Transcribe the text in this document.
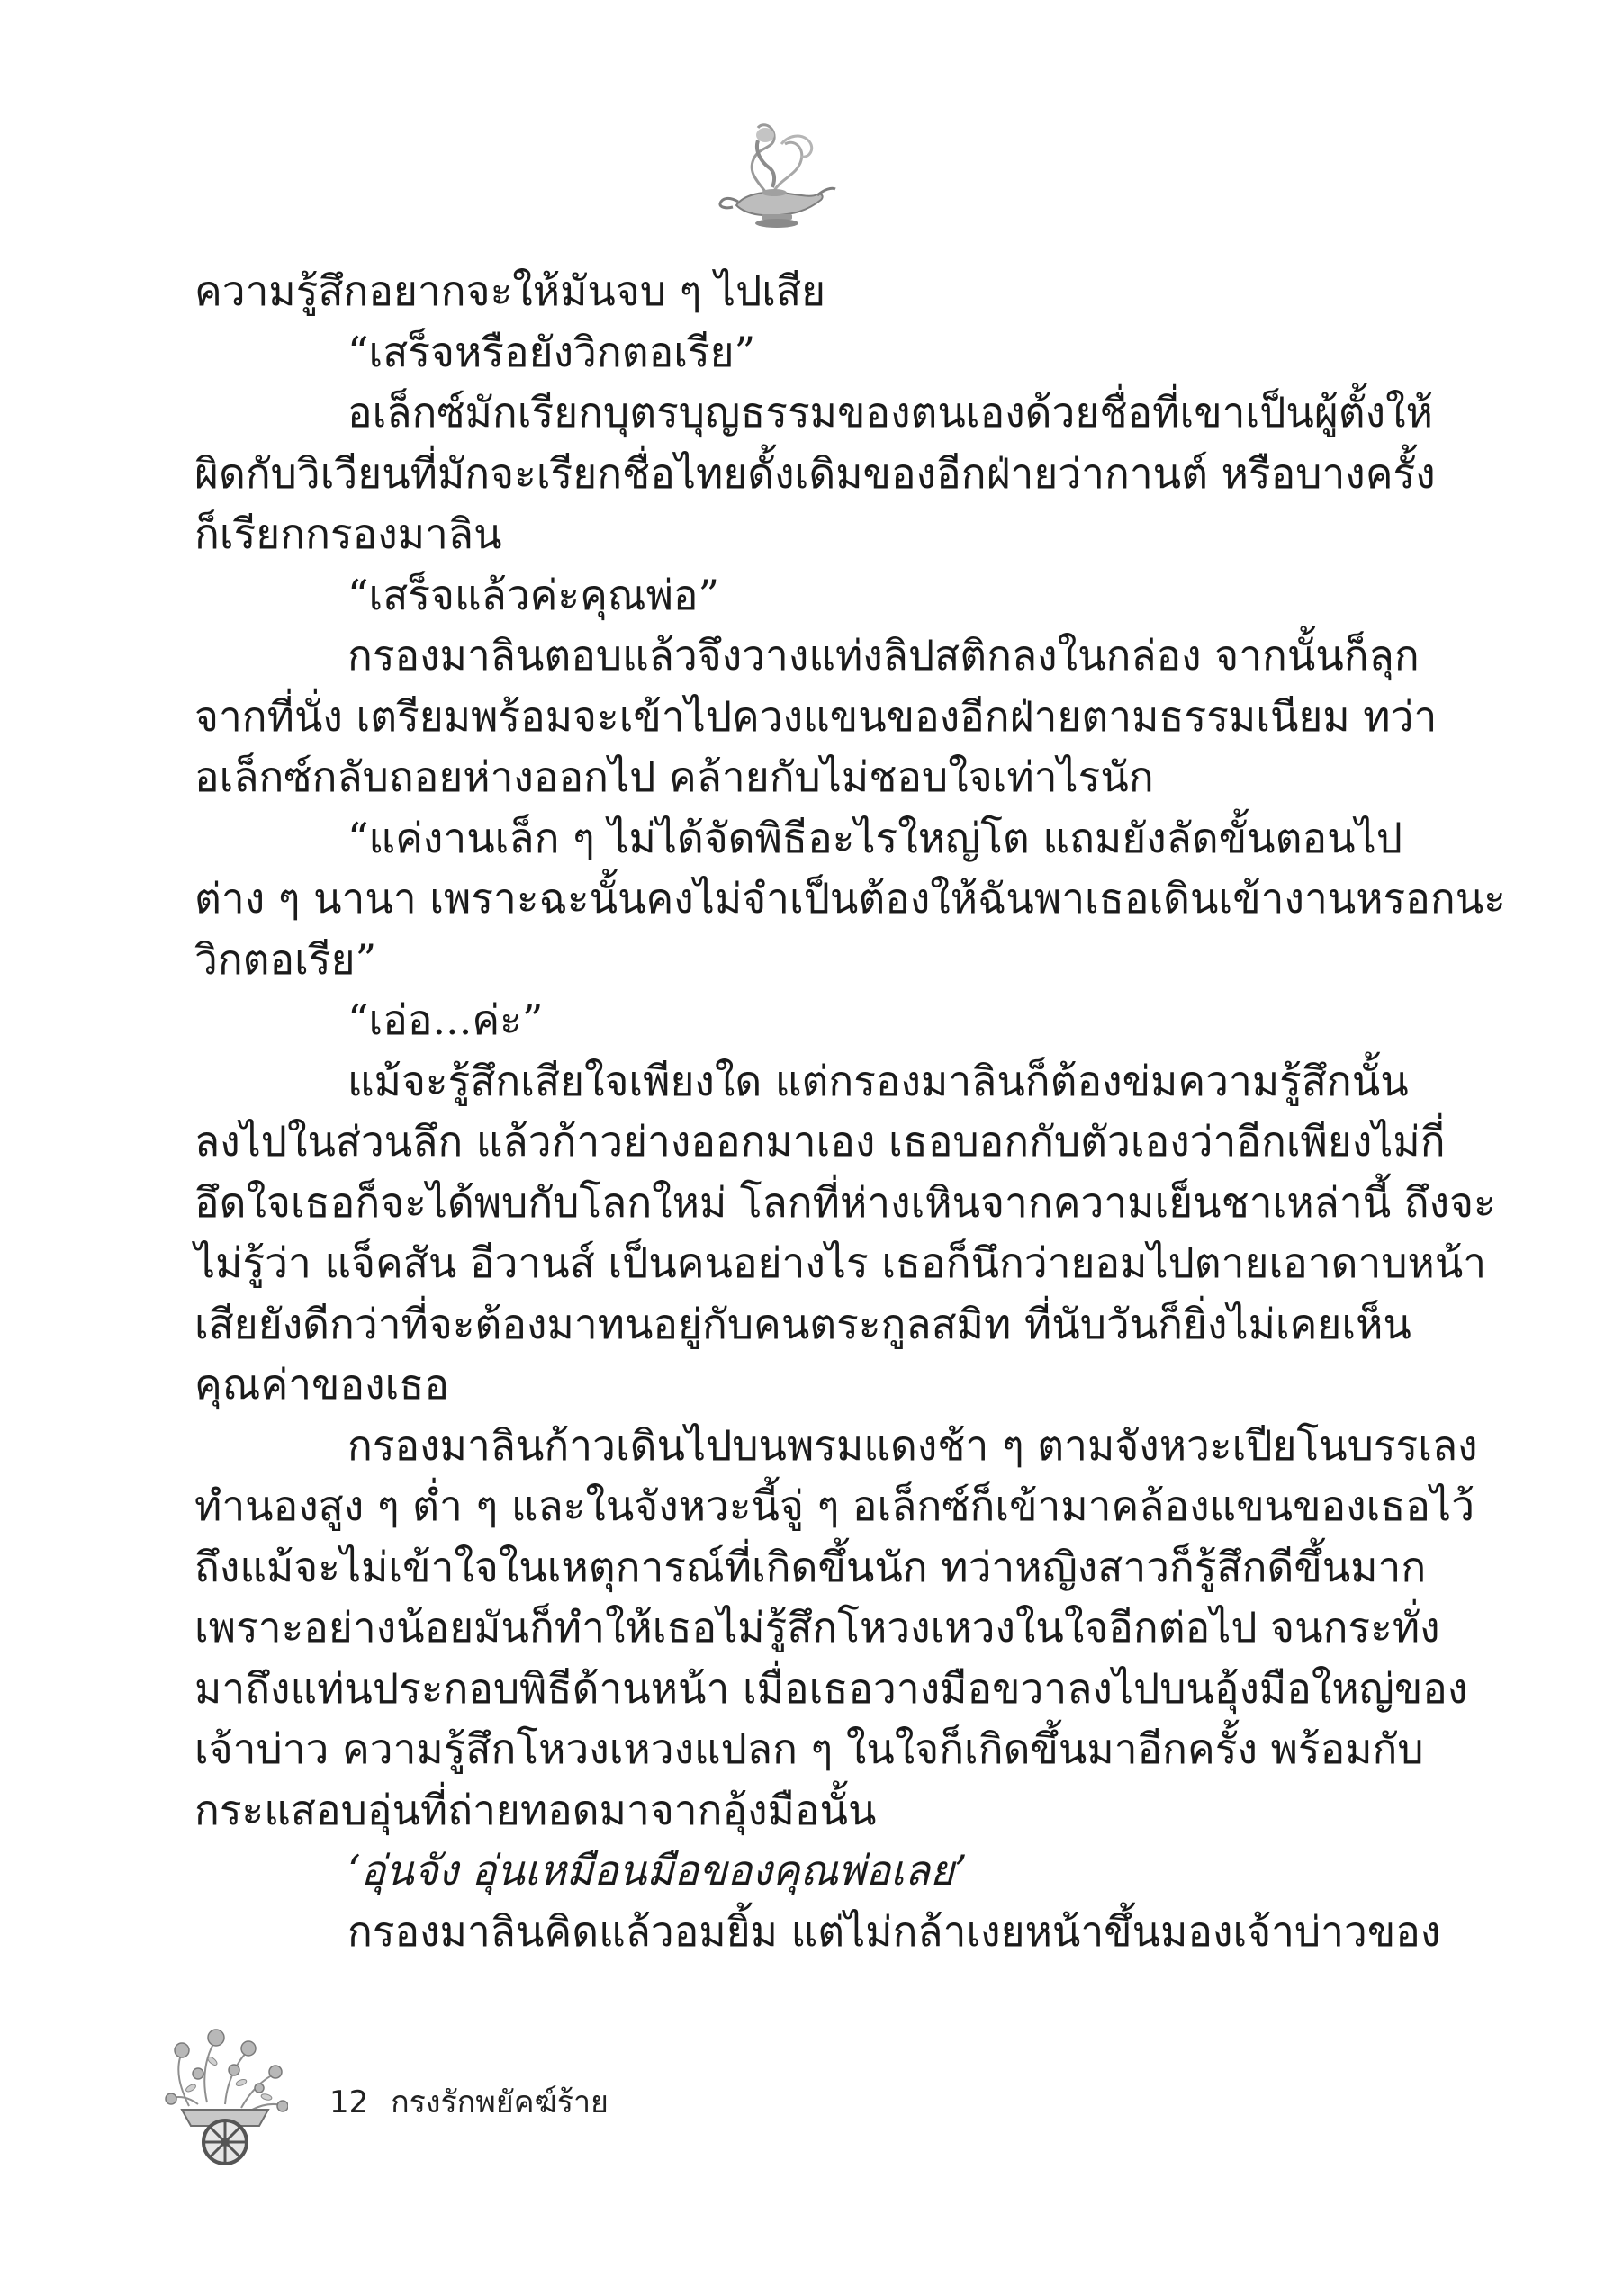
ความรู้สึกอยากจะให้มันจบ ๆ ไปเสีย
“เสร็จหรือยังวิกตอเรีย”
อเล็กซ์มักเรียกบุตรบุญธรรมของตนเองด้วยชื่อที่เขาเป็นผู้ตั้งให้
ผิดกับวิเวียนที่มักจะเรียกชื่อไทยดั้งเดิมของอีกฝ่ายว่ากานต์ หรือบางครั้ง
ก็เรียกกรองมาลิน
“เสร็จแล้วค่ะคุณพ่อ”
กรองมาลินตอบแล้วจึงวางแท่งลิปสติกลงในกล่อง จากนั้นก็ลุก
จากที่นั่ง เตรียมพร้อมจะเข้าไปควงแขนของอีกฝ่ายตามธรรมเนียม ทว่า
อเล็กซ์กลับถอยห่างออกไป คล้ายกับไม่ชอบใจเท่าไรนัก
“แค่งานเล็ก ๆ ไม่ได้จัดพิธีอะไรใหญ่โต แถมยังลัดขั้นตอนไป
ต่าง ๆ นานา เพราะฉะนั้นคงไม่จำเป็นต้องให้ฉันพาเธอเดินเข้างานหรอกนะ
วิกตอเรีย”
“เอ่อ...ค่ะ”
แม้จะรู้สึกเสียใจเพียงใด แต่กรองมาลินก็ต้องข่มความรู้สึกนั้น
ลงไปในส่วนลึก แล้วก้าวย่างออกมาเอง เธอบอกกับตัวเองว่าอีกเพียงไม่กี่
อึดใจเธอก็จะได้พบกับโลกใหม่ โลกที่ห่างเหินจากความเย็นชาเหล่านี้ ถึงจะ
ไม่รู้ว่า แจ็คสัน อีวานส์ เป็นคนอย่างไร เธอก็นึกว่ายอมไปตายเอาดาบหน้า
เสียยังดีกว่าที่จะต้องมาทนอยู่กับคนตระกูลสมิท ที่นับวันก็ยิ่งไม่เคยเห็น
คุณค่าของเธอ
กรองมาลินก้าวเดินไปบนพรมแดงช้า ๆ ตามจังหวะเปียโนบรรเลง
ทำนองสูง ๆ ต่ำ ๆ และในจังหวะนี้จู่ ๆ อเล็กซ์ก็เข้ามาคล้องแขนของเธอไว้
ถึงแม้จะไม่เข้าใจในเหตุการณ์ที่เกิดขึ้นนัก ทว่าหญิงสาวก็รู้สึกดีขึ้นมาก
เพราะอย่างน้อยมันก็ทำให้เธอไม่รู้สึกโหวงเหวงในใจอีกต่อไป จนกระทั่ง
มาถึงแท่นประกอบพิธีด้านหน้า เมื่อเธอวางมือขวาลงไปบนอุ้งมือใหญ่ของ
เจ้าบ่าว ความรู้สึกโหวงเหวงแปลก ๆ ในใจก็เกิดขึ้นมาอีกครั้ง พร้อมกับ
กระแสอบอุ่นที่ถ่ายทอดมาจากอุ้งมือนั้น
‘อุ่นจัง อุ่นเหมือนมือของคุณพ่อเลย’
กรองมาลินคิดแล้วอมยิ้ม แต่ไม่กล้าเงยหน้าขึ้นมองเจ้าบ่าวของ
12 กรงรักพยัคฆ์ร้าย
